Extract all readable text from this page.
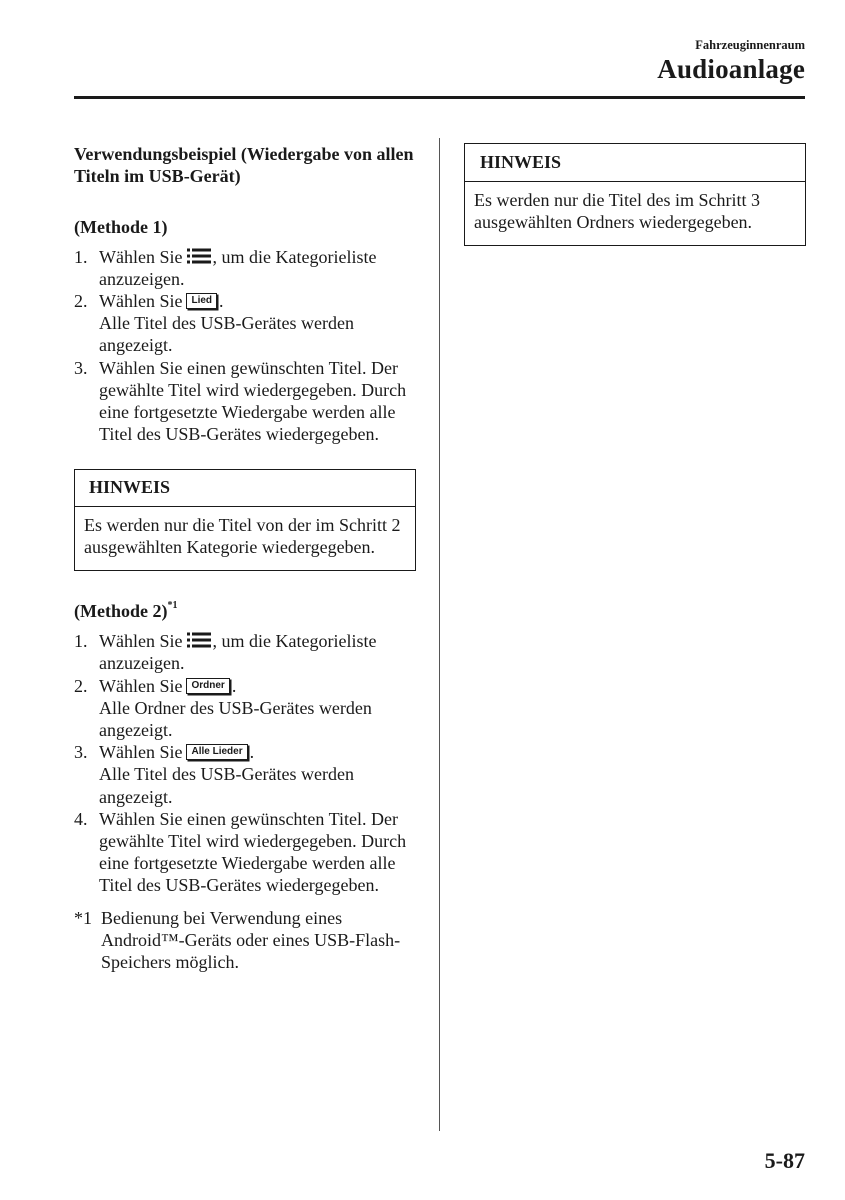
Fahrzeuginnenraum
Audioanlage

Verwendungsbeispiel (Wiedergabe von allen Titeln im USB-Gerät)

(Methode 1)

1. Wählen Sie , um die Kategorieliste anzuzeigen.
2. Wählen Sie Lied .
Alle Titel des USB-Gerätes werden angezeigt.
3. Wählen Sie einen gewünschten Titel. Der gewählte Titel wird wiedergegeben. Durch eine fortgesetzte Wiedergabe werden alle Titel des USB-Gerätes wiedergegeben.
HINWEIS
Es werden nur die Titel von der im Schritt 2 ausgewählten Kategorie wiedergegeben.

(Methode 2)$^{*1}$

1. Wählen Sie , um die Kategorieliste anzuzeigen.
2. Wählen Sie Ordner .
Alle Ordner des USB-Gerätes werden angezeigt.
3. Wählen Sie Alle Lieder .
Alle Titel des USB-Gerätes werden angezeigt.
4. Wählen Sie einen gewünschten Titel. Der gewählte Titel wird wiedergegeben. Durch eine fortgesetzte Wiedergabe werden alle Titel des USB-Gerätes wiedergegeben.
*1 Bedienung bei Verwendung eines Android™-Geräts oder eines USB-Flash-Speichers möglich.
HINWEIS
Es werden nur die Titel des im Schritt 3 ausgewählten Ordners wiedergegeben.
5-87
